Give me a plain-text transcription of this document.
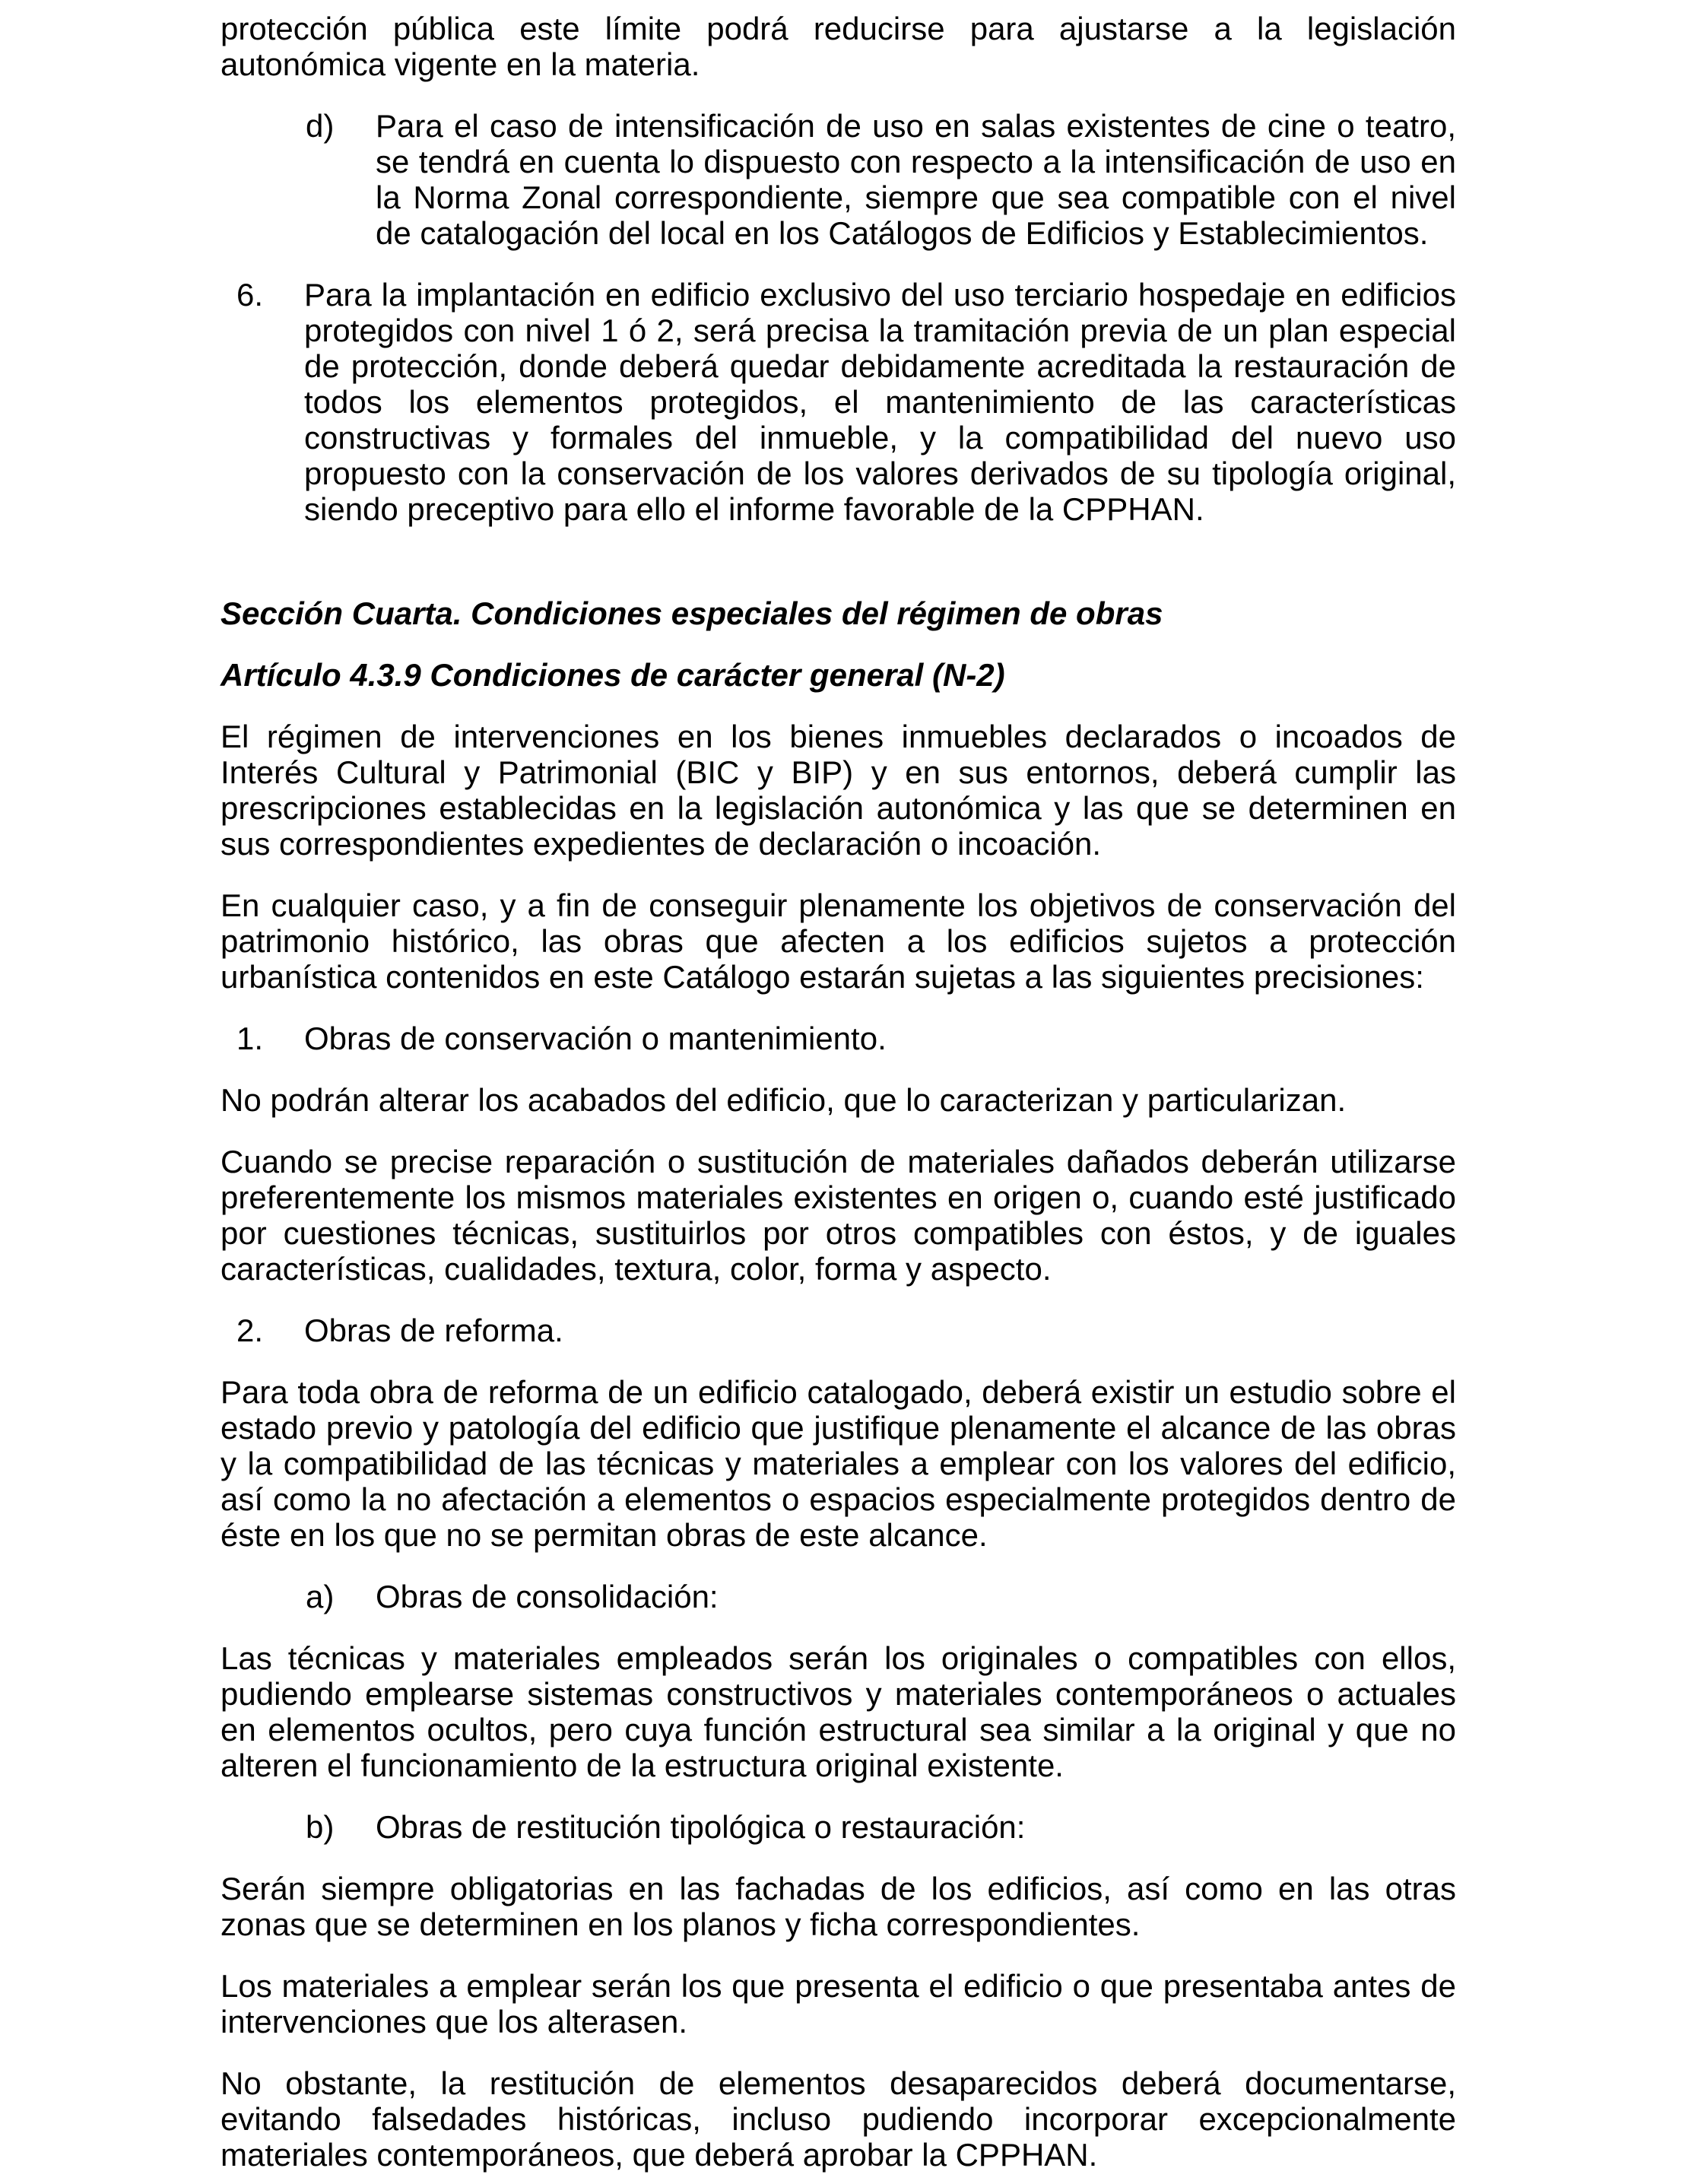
protección pública este límite podrá reducirse para ajustarse a la legislación autonómica vigente en la materia.

d)	Para el caso de intensificación de uso en salas existentes de cine o teatro, se tendrá en cuenta lo dispuesto con respecto a la intensificación de uso en la Norma Zonal correspondiente, siempre que sea compatible con el nivel de catalogación del local en los Catálogos de Edificios y Establecimientos.
6.	Para la implantación en edificio exclusivo del uso terciario hospedaje en edificios protegidos con nivel 1 ó 2, será precisa la tramitación previa de un plan especial de protección, donde deberá quedar debidamente acreditada la restauración de todos los elementos protegidos, el mantenimiento de las características constructivas y formales del inmueble, y la compatibilidad del nuevo uso propuesto con la conservación de los valores derivados de su tipología original, siendo preceptivo para ello el informe favorable de la CPPHAN.
Sección Cuarta. Condiciones especiales del régimen de obras
Artículo 4.3.9 Condiciones de carácter general (N-2)

El régimen de intervenciones en los bienes inmuebles declarados o incoados de Interés Cultural y Patrimonial (BIC y BIP) y en sus entornos, deberá cumplir las prescripciones establecidas en la legislación autonómica y las que se determinen en sus correspondientes expedientes de declaración o incoación.

En cualquier caso, y a fin de conseguir plenamente los objetivos de conservación del patrimonio histórico, las obras que afecten a los edificios sujetos a protección urbanística contenidos en este Catálogo estarán sujetas a las siguientes precisiones:

1.	Obras de conservación o mantenimiento.

No podrán alterar los acabados del edificio, que lo caracterizan y particularizan.

Cuando se precise reparación o sustitución de materiales dañados deberán utilizarse preferentemente los mismos materiales existentes en origen o, cuando esté justificado por cuestiones técnicas, sustituirlos por otros compatibles con éstos, y de iguales características, cualidades, textura, color, forma y aspecto.

2.	Obras de reforma.

Para toda obra de reforma de un edificio catalogado, deberá existir un estudio sobre el estado previo y patología del edificio que justifique plenamente el alcance de las obras y la compatibilidad de las técnicas y materiales a emplear con los valores del edificio, así como la no afectación a elementos o espacios especialmente protegidos dentro de éste en los que no se permitan obras de este alcance.

a)	Obras de consolidación:

Las técnicas y materiales empleados serán los originales o compatibles con ellos, pudiendo emplearse sistemas constructivos y materiales contemporáneos o actuales en elementos ocultos, pero cuya función estructural sea similar a la original y que no alteren el funcionamiento de la estructura original existente.

b)	Obras de restitución tipológica o restauración:

Serán siempre obligatorias en las fachadas de los edificios, así como en las otras zonas que se determinen en los planos y ficha correspondientes.

Los materiales a emplear serán los que presenta el edificio o que presentaba antes de intervenciones que los alterasen.

No obstante, la restitución de elementos desaparecidos deberá documentarse, evitando falsedades históricas, incluso pudiendo incorporar excepcionalmente materiales contemporáneos, que deberá aprobar la CPPHAN.
